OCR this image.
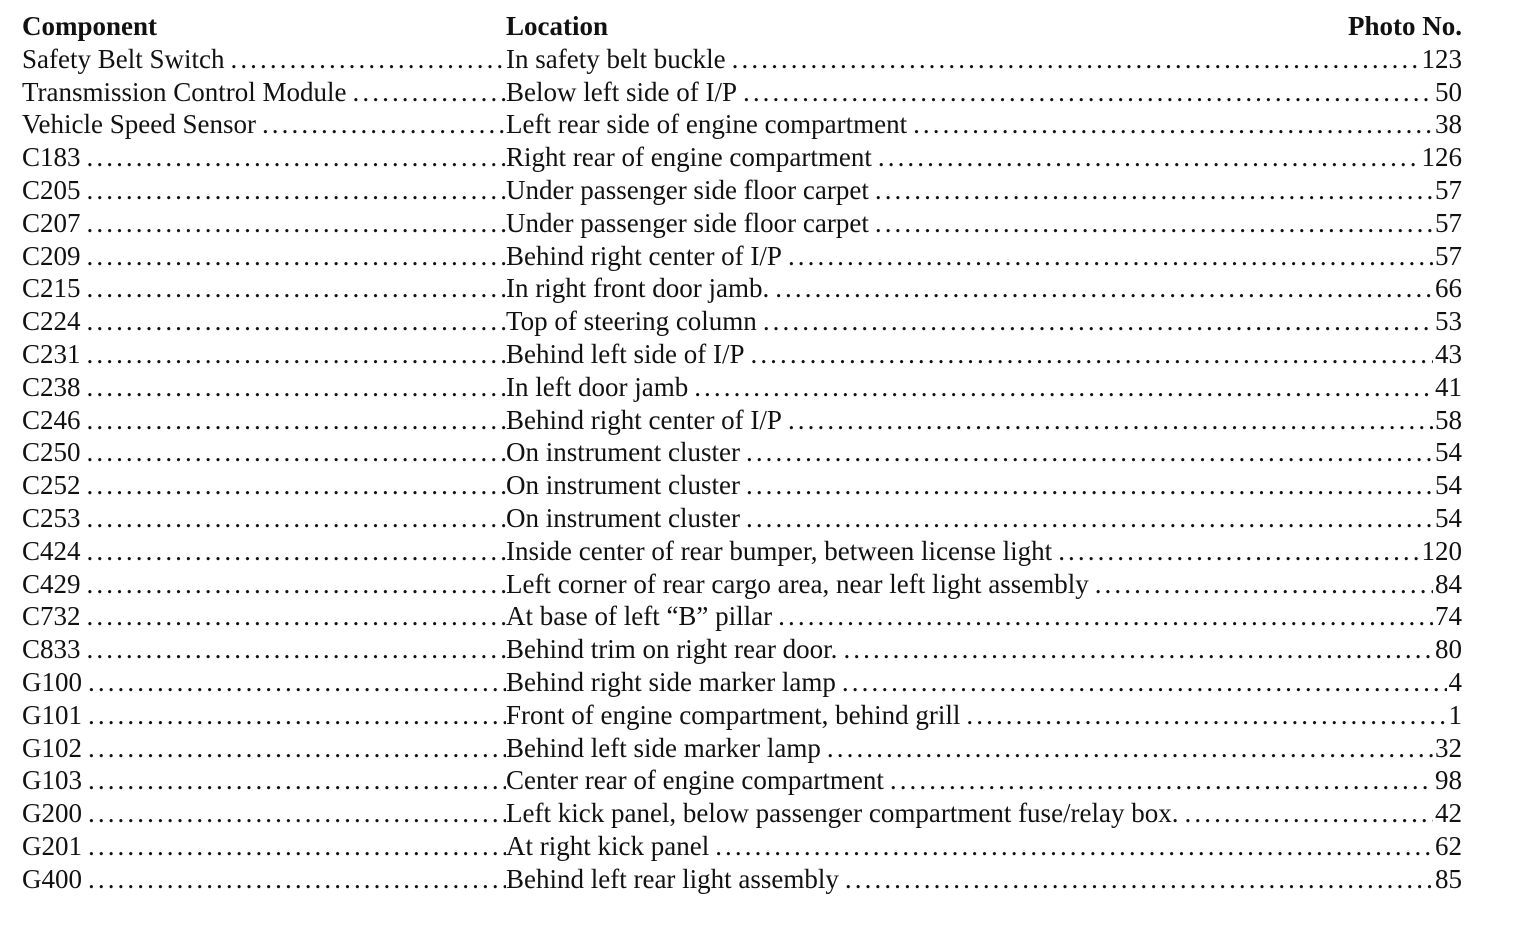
Component	Location	Photo No.
Safety Belt Switch .....	In safety belt buckle .....	123
Transmission Control Module .....	Below left side of I/P .....	50
Vehicle Speed Sensor .....	Left rear side of engine compartment .....	38
C183 .....	Right rear of engine compartment .....	126
C205 .....	Under passenger side floor carpet .....	57
C207 .....	Under passenger side floor carpet .....	57
C209 .....	Behind right center of I/P .....	57
C215 .....	In right front door jamb. .....	66
C224 .....	Top of steering column .....	53
C231 .....	Behind left side of I/P .....	43
C238 .....	In left door jamb .....	41
C246 .....	Behind right center of I/P .....	58
C250 .....	On instrument cluster .....	54
C252 .....	On instrument cluster .....	54
C253 .....	On instrument cluster .....	54
C424 .....	Inside center of rear bumper, between license light .....	120
C429 .....	Left corner of rear cargo area, near left light assembly .....	84
C732 .....	At base of left “B” pillar .....	74
C833 .....	Behind trim on right rear door. .....	80
G100 .....	Behind right side marker lamp .....	4
G101 .....	Front of engine compartment, behind grill .....	1
G102 .....	Behind left side marker lamp .....	32
G103 .....	Center rear of engine compartment .....	98
G200 .....	Left kick panel, below passenger compartment fuse/relay box. .....	42
G201 .....	At right kick panel .....	62
G400 .....	Behind left rear light assembly .....	85
